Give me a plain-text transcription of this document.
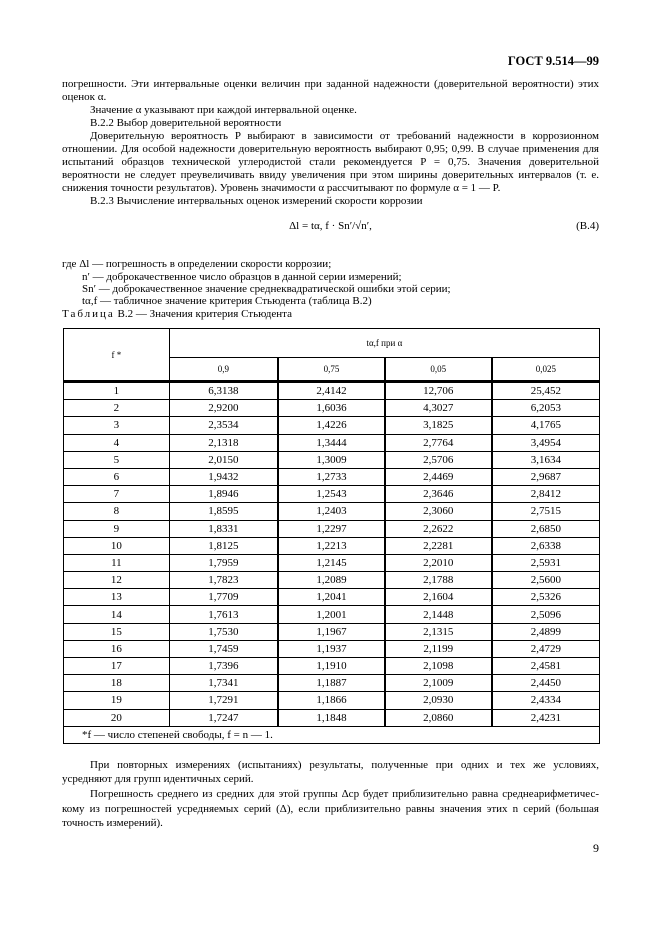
ГОСТ 9.514—99
погрешности. Эти интервальные оценки величин при заданной надежности (доверительной вероятности) этих
оценок α.
Значение α указывают при каждой интервальной оценке.
В.2.2 Выбор доверительной вероятности
Доверительную вероятность P выбирают в зависимости от требований надежности в коррозионном
отношении. Для особой надежности доверительную вероятность выбирают 0,95; 0,99. В случае применения для
испытаний образцов технической углеродистой стали рекомендуется P = 0,75. Значения доверительной
вероятности не следует преувеличивать ввиду увеличения при этом ширины доверительных интервалов (т. е.
снижения точности результатов). Уровень значимости α рассчитывают по формуле α = 1 — P.
В.2.3 Вычисление интервальных оценок измерений скорости коррозии
Δl = tα, f · Sn′/√n′,	(В.4)
где Δl — погрешность в определении скорости коррозии;
n′ — доброкачественное число образцов в данной серии измерений;
Sn′ — доброкачественное значение среднеквадратической ошибки этой серии;
tα,f — табличное значение критерия Стьюдента (таблица В.2)
Таблица В.2 — Значения критерия Стьюдента
f *	tα,f при α			
	0,9	0,75	0,05	0,025
1	6,3138	2,4142	12,706	25,452
2	2,9200	1,6036	4,3027	6,2053
3	2,3534	1,4226	3,1825	4,1765
4	2,1318	1,3444	2,7764	3,4954
5	2,0150	1,3009	2,5706	3,1634
6	1,9432	1,2733	2,4469	2,9687
7	1,8946	1,2543	2,3646	2,8412
8	1,8595	1,2403	2,3060	2,7515
9	1,8331	1,2297	2,2622	2,6850
10	1,8125	1,2213	2,2281	2,6338
11	1,7959	1,2145	2,2010	2,5931
12	1,7823	1,2089	2,1788	2,5600
13	1,7709	1,2041	2,1604	2,5326
14	1,7613	1,2001	2,1448	2,5096
15	1,7530	1,1967	2,1315	2,4899
16	1,7459	1,1937	2,1199	2,4729
17	1,7396	1,1910	2,1098	2,4581
18	1,7341	1,1887	2,1009	2,4450
19	1,7291	1,1866	2,0930	2,4334
20	1,7247	1,1848	2,0860	2,4231
*f — число степеней свободы, f = n — 1.				
При повторных измерениях (испытаниях) результаты, полученные при одних и тех же условиях,
усредняют для групп идентичных серий.
Погрешность среднего из средних для этой группы Δср будет приблизительно равна среднеарифметичес-
кому из погрешностей усредняемых серий (Δ), если приблизительно равны значения этих n серий (большая
точность измерений).
9
